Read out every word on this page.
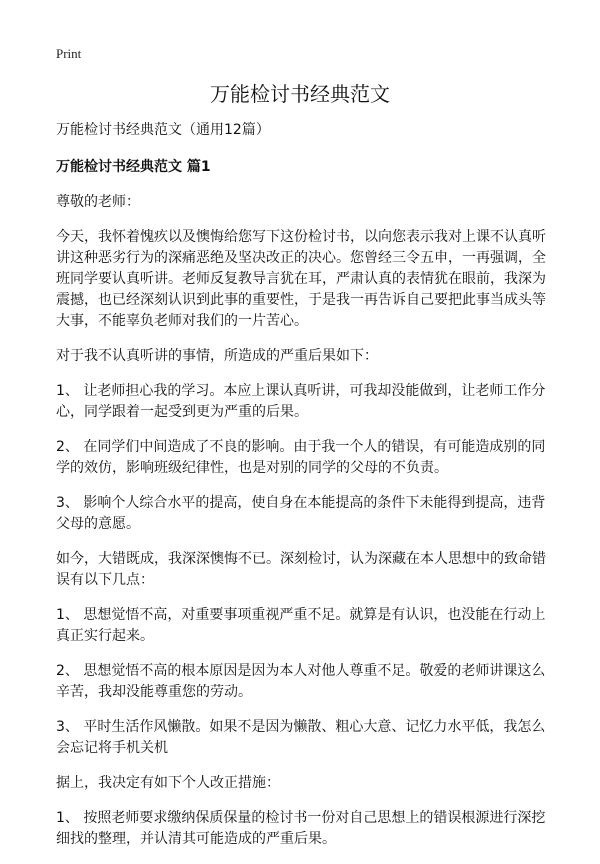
Print
万能检讨书经典范文

万能检讨书经典范文（通用12篇）

万能检讨书经典范文 篇1

尊敬的老师：

今天，我怀着愧疚以及懊悔给您写下这份检讨书，以向您表示我对上课不认真听讲这种恶劣行为的深痛恶绝及坚决改正的决心。您曾经三令五申，一再强调，全班同学要认真听讲。老师反复教导言犹在耳，严肃认真的表情犹在眼前，我深为震撼，也已经深刻认识到此事的重要性，于是我一再告诉自己要把此事当成头等大事，不能辜负老师对我们的一片苦心。

对于我不认真听讲的事情，所造成的严重后果如下：

1、 让老师担心我的学习。本应上课认真听讲，可我却没能做到，让老师工作分心，同学跟着一起受到更为严重的后果。

2、 在同学们中间造成了不良的影响。由于我一个人的错误，有可能造成别的同学的效仿，影响班级纪律性，也是对别的同学的父母的不负责。

3、 影响个人综合水平的提高，使自身在本能提高的条件下未能得到提高，违背父母的意愿。

如今，大错既成，我深深懊悔不已。深刻检讨，认为深藏在本人思想中的致命错误有以下几点：

1、 思想觉悟不高，对重要事项重视严重不足。就算是有认识，也没能在行动上真正实行起来。

2、 思想觉悟不高的根本原因是因为本人对他人尊重不足。敬爱的老师讲课这么辛苦，我却没能尊重您的劳动。

3、 平时生活作风懒散。如果不是因为懒散、粗心大意、记忆力水平低，我怎么会忘记将手机关机

据上，我决定有如下个人改正措施：

1、 按照老师要求缴纳保质保量的检讨书一份对自己思想上的错误根源进行深挖细找的整理，并认清其可能造成的严重后果。
